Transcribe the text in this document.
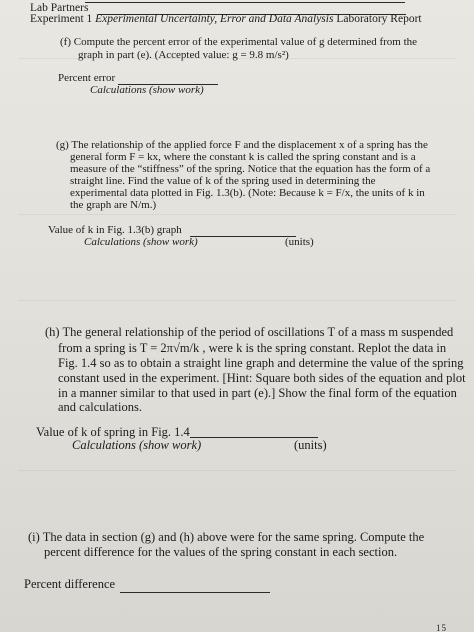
Lab Partners
Experiment 1 Experimental Uncertainty, Error and Data Analysis Laboratory Report
(f) Compute the percent error of the experimental value of g determined from the
graph in part (e). (Accepted value: g = 9.8 m/s²)
Percent error
Calculations (show work)
(g) The relationship of the applied force F and the displacement x of a spring has the
general form F = kx, where the constant k is called the spring constant and is a
measure of the “stiffness” of the spring. Notice that the equation has the form of a
straight line. Find the value of k of the spring used in determining the
experimental data plotted in Fig. 1.3(b). (Note: Because k = F/x, the units of k in
the graph are N/m.)
Value of k in Fig. 1.3(b) graph
Calculations (show work)	(units)
(h) The general relationship of the period of oscillations T of a mass m suspended
from a spring is T = 2π√m/k , were k is the spring constant. Replot the data in
Fig. 1.4 so as to obtain a straight line graph and determine the value of the spring
constant used in the experiment. [Hint: Square both sides of the equation and plot
in a manner similar to that used in part (e).] Show the final form of the equation
and calculations.
Value of k of spring in Fig. 1.4
Calculations (show work)	(units)
(i) The data in section (g) and (h) above were for the same spring. Compute the
percent difference for the values of the spring constant in each section.
Percent difference
15
